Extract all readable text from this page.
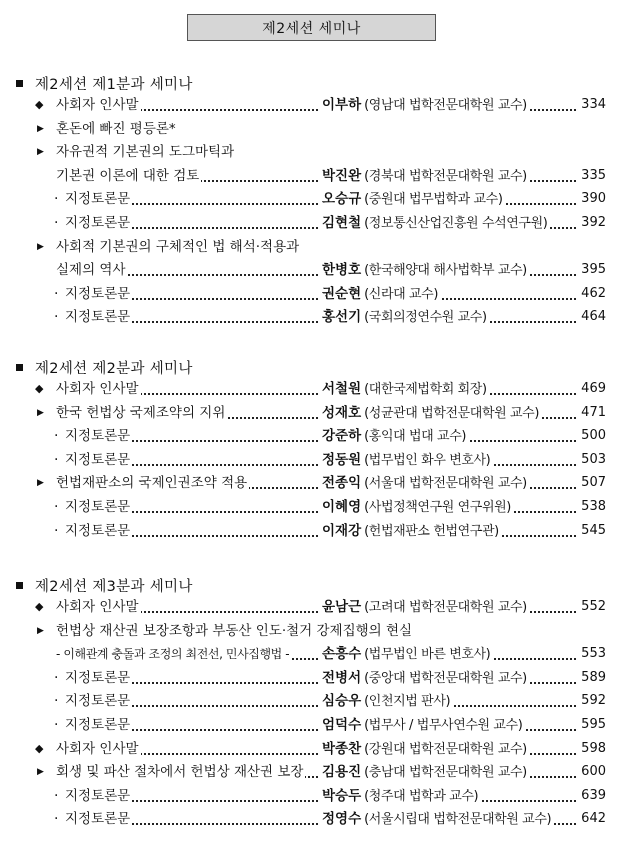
제2세션 세미나
제2세션 제1분과 세미나
◆ 사회자 인사말	이부하 (영남대 법학전문대학원 교수)	334
▶ 혼돈에 빠진 평등론*
▶ 자유권적 기본권의 도그마틱과
기본권 이론에 대한 검토	박진완 (경북대 법학전문대학원 교수)	335
· 지정토론문	오승규 (중원대 법무법학과 교수)	390
· 지정토론문	김현철 (정보통신산업진흥원 수석연구원)	392
▶ 사회적 기본권의 구체적인 법 해석·적용과
실제의 역사	한병호 (한국해양대 해사법학부 교수)	395
· 지정토론문	권순현 (신라대 교수)	462
· 지정토론문	홍선기 (국회의정연수원 교수)	464
제2세션 제2분과 세미나
◆ 사회자 인사말	서철원 (대한국제법학회 회장)	469
▶ 한국 헌법상 국제조약의 지위	성재호 (성균관대 법학전문대학원 교수)	471
· 지정토론문	강준하 (홍익대 법대 교수)	500
· 지정토론문	정동원 (법무법인 화우 변호사)	503
▶ 헌법재판소의 국제인권조약 적용	전종익 (서울대 법학전문대학원 교수)	507
· 지정토론문	이혜영 (사법정책연구원 연구위원)	538
· 지정토론문	이재강 (헌법재판소 헌법연구관)	545
제2세션 제3분과 세미나
◆ 사회자 인사말	윤남근 (고려대 법학전문대학원 교수)	552
▶ 헌법상 재산권 보장조항과 부동산 인도·철거 강제집행의 현실
- 이해관계 충돌과 조정의 최전선, 민사집행법 - 손흥수 (법무법인 바른 변호사)	553
· 지정토론문	전병서 (중앙대 법학전문대학원 교수)	589
· 지정토론문	심승우 (인천지법 판사)	592
· 지정토론문	엄덕수 (법무사 / 법무사연수원 교수)	595
◆ 사회자 인사말	박종찬 (강원대 법학전문대학원 교수)	598
▶ 회생 및 파산 절차에서 헌법상 재산권 보장 김용진 (충남대 법학전문대학원 교수)	600
· 지정토론문	박승두 (청주대 법학과 교수)	639
· 지정토론문	정영수 (서울시립대 법학전문대학원 교수) 642
